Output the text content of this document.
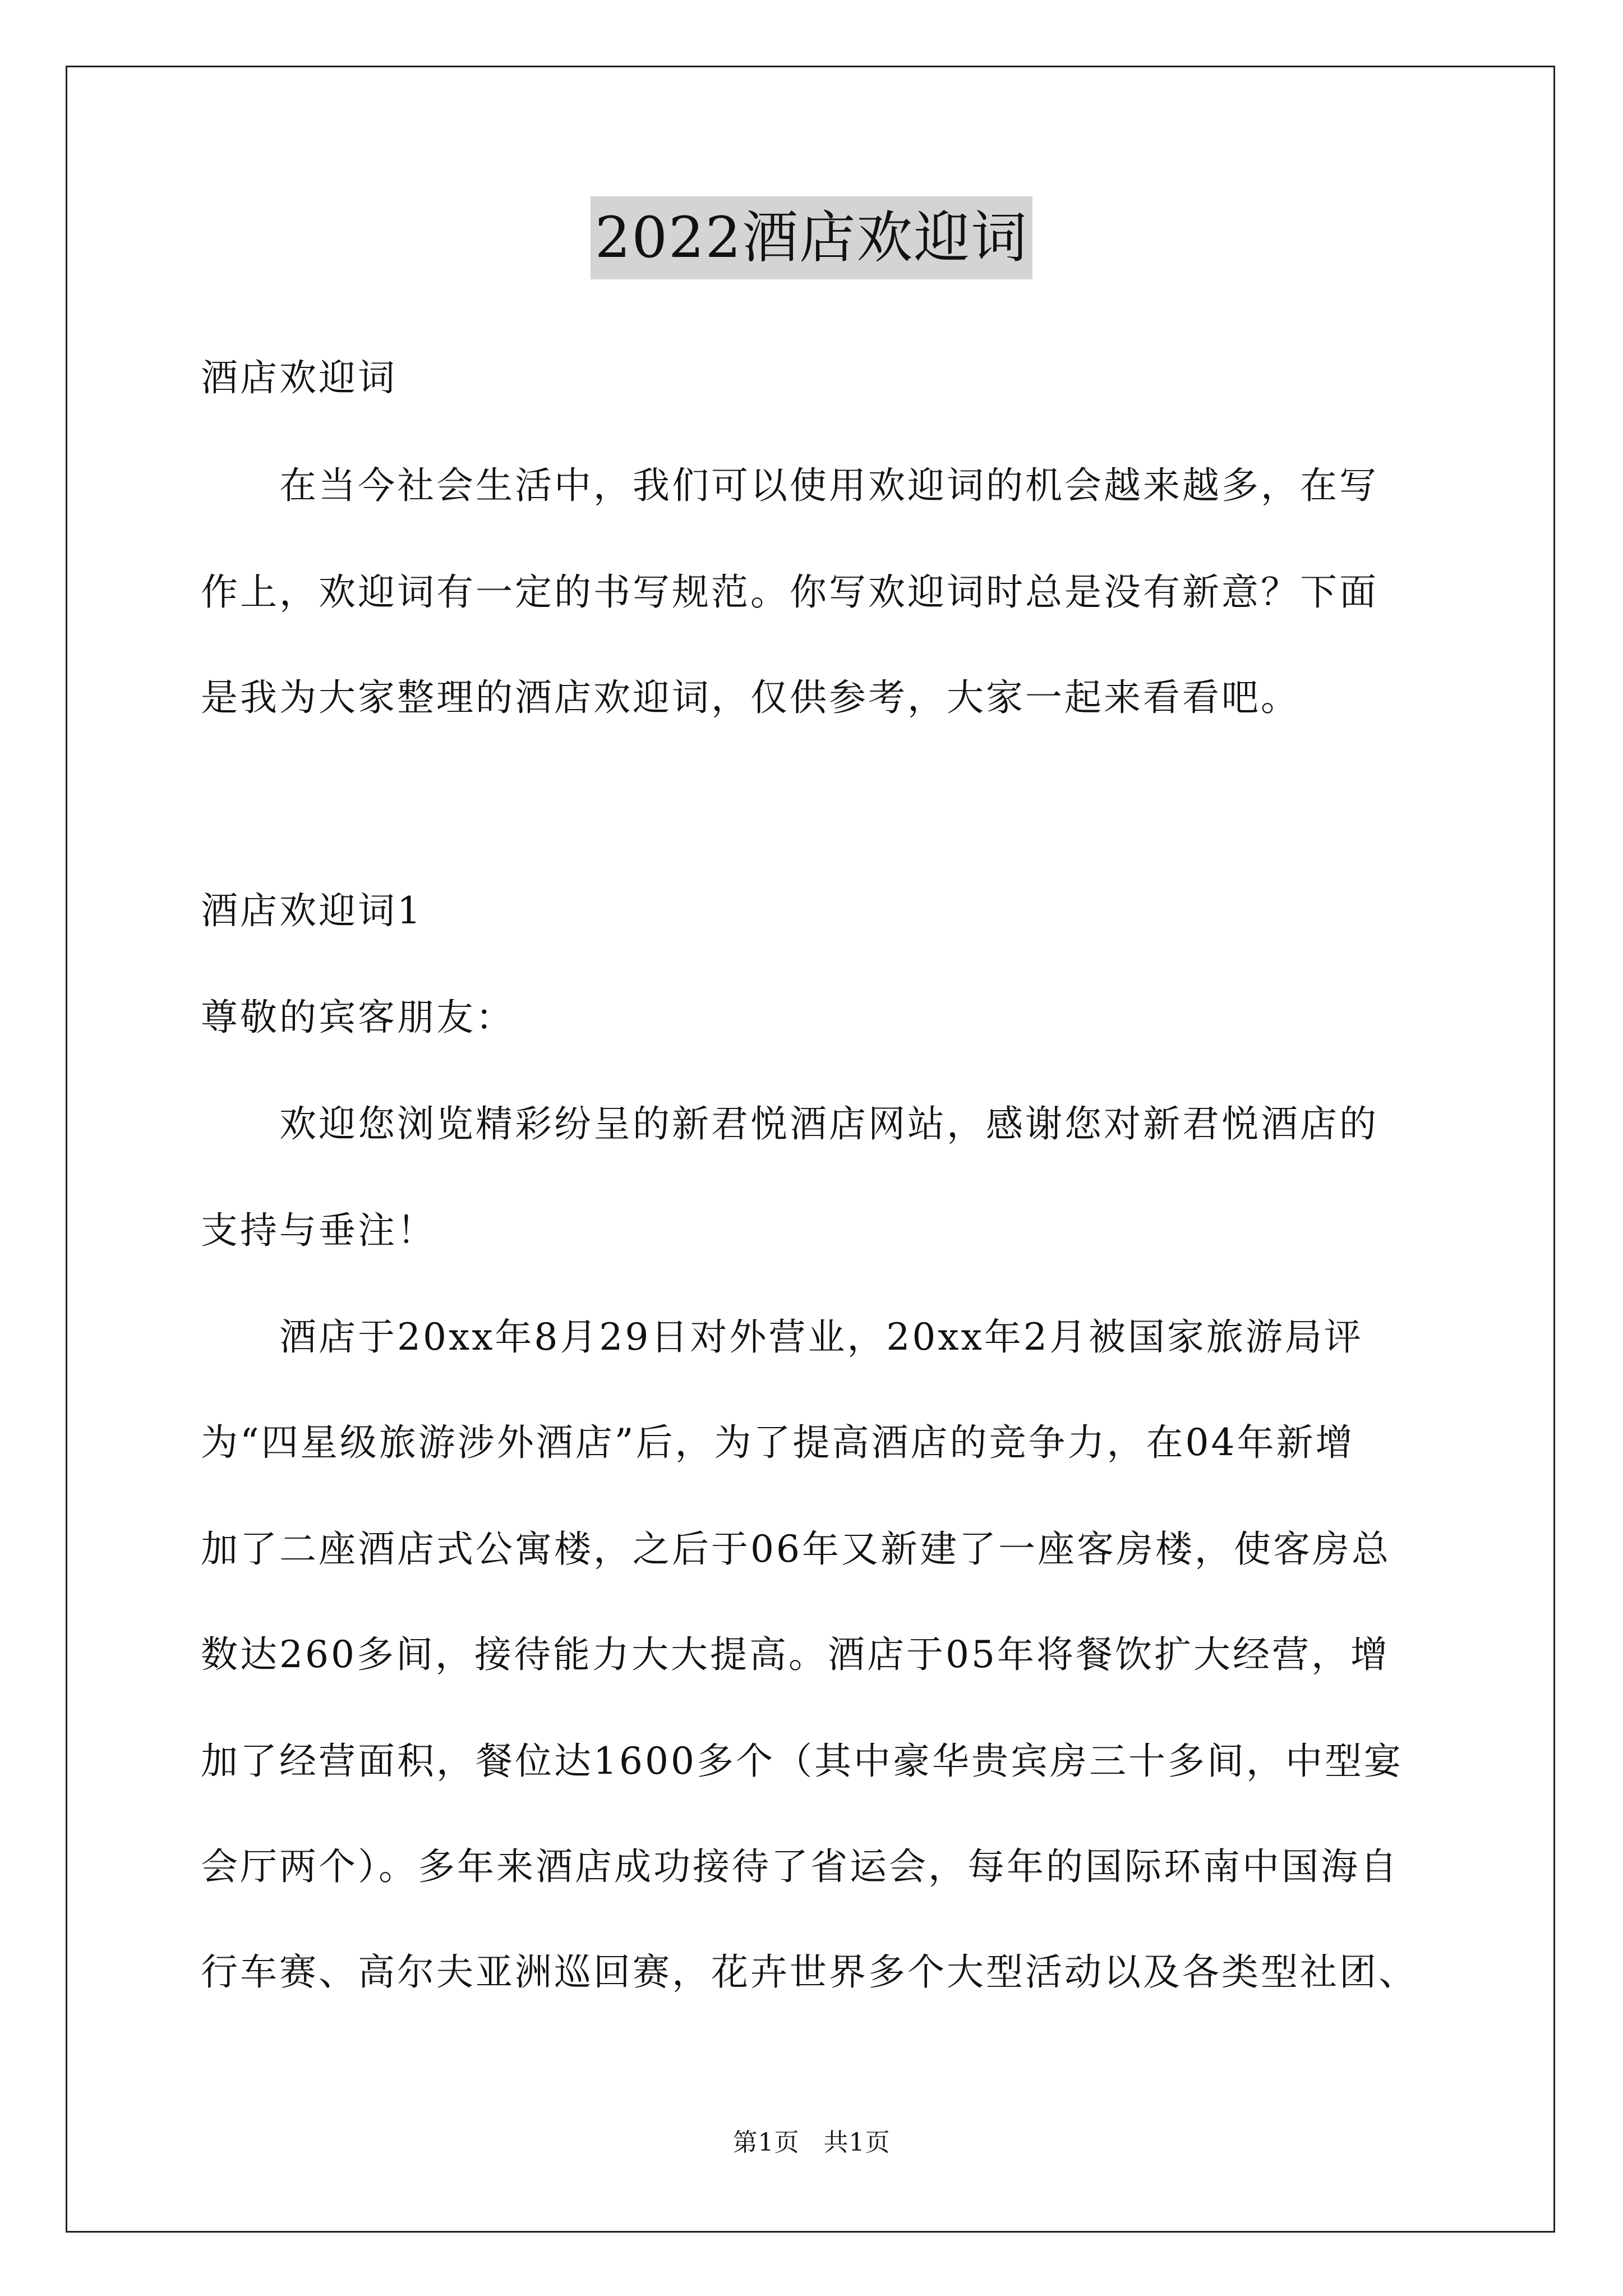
2022酒店欢迎词
酒店欢迎词
在当今社会生活中，我们可以使用欢迎词的机会越来越多，在写
作上，欢迎词有一定的书写规范。你写欢迎词时总是没有新意？下面
是我为大家整理的酒店欢迎词，仅供参考，大家一起来看看吧。
酒店欢迎词1
尊敬的宾客朋友：
欢迎您浏览精彩纷呈的新君悦酒店网站，感谢您对新君悦酒店的
支持与垂注！
酒店于20xx年8月29日对外营业，20xx年2月被国家旅游局评
为“四星级旅游涉外酒店”后，为了提高酒店的竞争力，在04年新增
加了二座酒店式公寓楼，之后于06年又新建了一座客房楼，使客房总
数达260多间，接待能力大大提高。酒店于05年将餐饮扩大经营，增
加了经营面积，餐位达1600多个（其中豪华贵宾房三十多间，中型宴
会厅两个）。多年来酒店成功接待了省运会，每年的国际环南中国海自
行车赛、高尔夫亚洲巡回赛，花卉世界多个大型活动以及各类型社团、
第1页 共1页
